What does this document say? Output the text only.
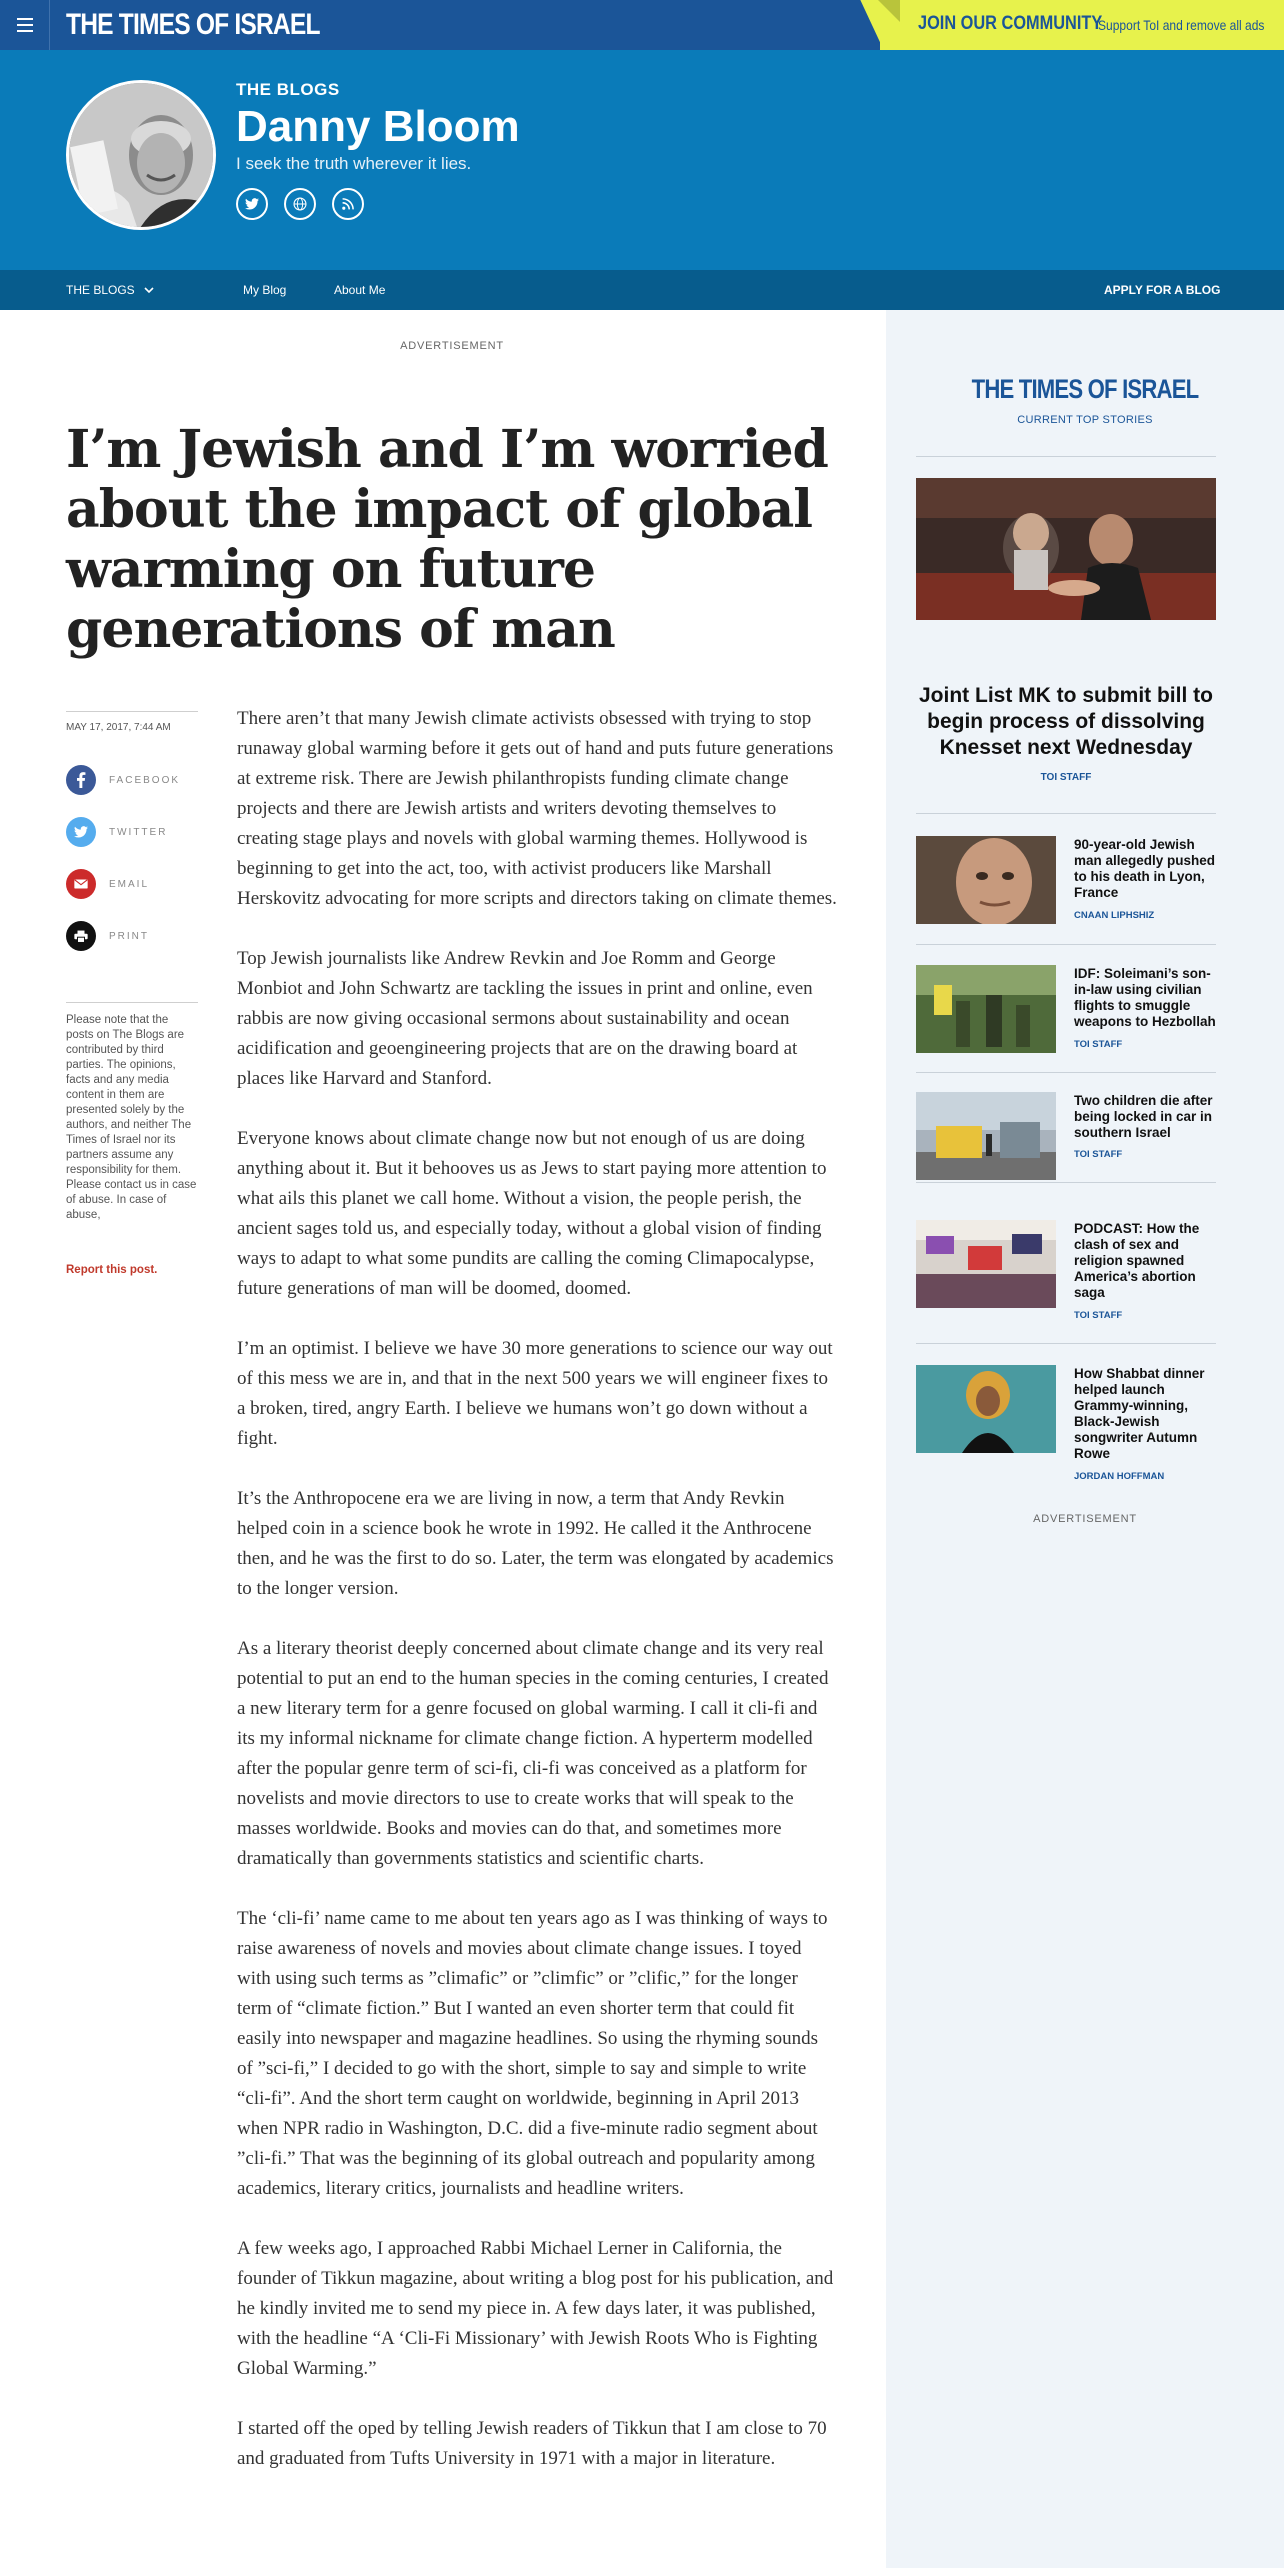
THE TIMES OF ISRAEL	JOIN OUR COMMUNITY
Support ToI and remove all ads
THE BLOGS
Danny Bloom
I seek the truth wherever it lies.
THE BLOGS	My Blog	About Me	APPLY FOR A BLOG
ADVERTISEMENT
I’m Jewish and I’m worried about the impact of global warming on future generations of man
MAY 17, 2017, 7:44 AM
FACEBOOK
TWITTER
EMAIL
PRINT
Please note that the posts on The Blogs are contributed by third parties. The opinions, facts and any media content in them are presented solely by the authors, and neither The Times of Israel nor its partners assume any responsibility for them. Please contact us in case of abuse. In case of abuse,
Report this post.

There aren’t that many Jewish climate activists obsessed with trying to stop runaway global warming before it gets out of hand and puts future generations at extreme risk. There are Jewish philanthropists funding climate change projects and there are Jewish artists and writers devoting themselves to creating stage plays and novels with global warming themes. Hollywood is beginning to get into the act, too, with activist producers like Marshall Herskovitz advocating for more scripts and directors taking on climate themes.

Top Jewish journalists like Andrew Revkin and Joe Romm and George Monbiot and John Schwartz are tackling the issues in print and online, even rabbis are now giving occasional sermons about sustainability and ocean acidification and geoengineering projects that are on the drawing board at places like Harvard and Stanford.

Everyone knows about climate change now but not enough of us are doing anything about it. But it behooves us as Jews to start paying more attention to what ails this planet we call home. Without a vision, the people perish, the ancient sages told us, and especially today, without a global vision of finding ways to adapt to what some pundits are calling the coming Climapocalypse, future generations of man will be doomed, doomed.

I’m an optimist. I believe we have 30 more generations to science our way out of this mess we are in, and that in the next 500 years we will engineer fixes to a broken, tired, angry Earth. I believe we humans won’t go down without a fight.

It’s the Anthropocene era we are living in now, a term that Andy Revkin helped coin in a science book he wrote in 1992. He called it the Anthrocene then, and he was the first to do so. Later, the term was elongated by academics to the longer version.

As a literary theorist deeply concerned about climate change and its very real potential to put an end to the human species in the coming centuries, I created a new literary term for a genre focused on global warming. I call it cli-fi and its my informal nickname for climate change fiction. A hyperterm modelled after the popular genre term of sci-fi, cli-fi was conceived as a platform for novelists and movie directors to use to create works that will speak to the masses worldwide. Books and movies can do that, and sometimes more dramatically than governments statistics and scientific charts.

The ‘cli-fi’ name came to me about ten years ago as I was thinking of ways to raise awareness of novels and movies about climate change issues. I toyed with using such terms as ”climafic” or ”climfic” or ”clific,” for the longer term of “climate fiction.” But I wanted an even shorter term that could fit easily into newspaper and magazine headlines. So using the rhyming sounds of ”sci-fi,” I decided to go with the short, simple to say and simple to write “cli-fi”. And the short term caught on worldwide, beginning in April 2013 when NPR radio in Washington, D.C. did a five-minute radio segment about ”cli-fi.” That was the beginning of its global outreach and popularity among academics, literary critics, journalists and headline writers.

A few weeks ago, I approached Rabbi Michael Lerner in California, the founder of Tikkun magazine, about writing a blog post for his publication, and he kindly invited me to send my piece in. A few days later, it was published, with the headline “A ‘Cli-Fi Missionary’ with Jewish Roots Who is Fighting Global Warming.”

I started off the oped by telling Jewish readers of Tikkun that I am close to 70 and graduated from Tufts University in 1971 with a major in literature.

THE TIMES OF ISRAEL
CURRENT TOP STORIES
Joint List MK to submit bill to begin process of dissolving Knesset next Wednesday
TOI STAFF
90-year-old Jewish man allegedly pushed to his death in Lyon, France
CNAAN LIPHSHIZ
IDF: Soleimani’s son-in-law using civilian flights to smuggle weapons to Hezbollah
TOI STAFF
Two children die after being locked in car in southern Israel
TOI STAFF
PODCAST: How the clash of sex and religion spawned America’s abortion saga
TOI STAFF
How Shabbat dinner helped launch Grammy-winning, Black-Jewish songwriter Autumn Rowe
JORDAN HOFFMAN
ADVERTISEMENT
